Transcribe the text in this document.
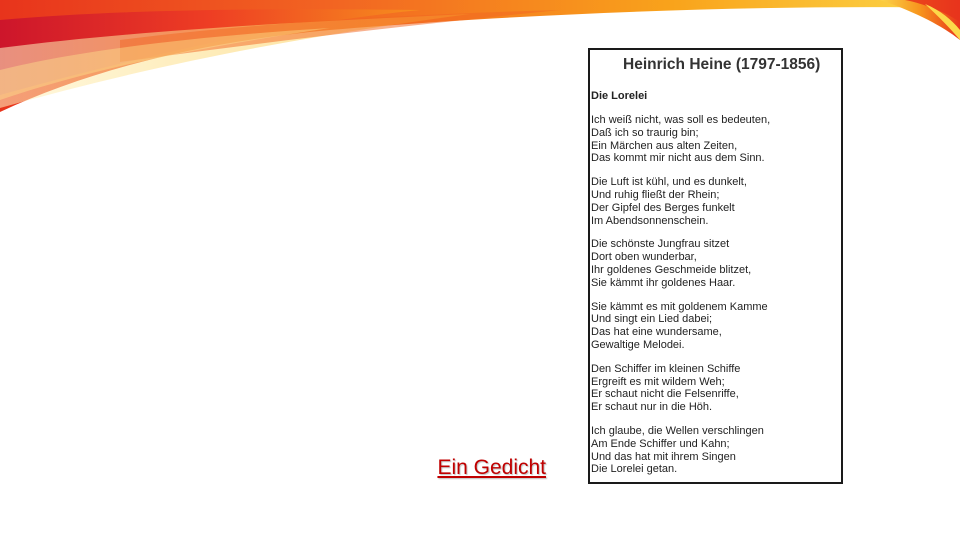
Ein Gedicht
Heinrich Heine (1797-1856)
Die Lorelei
Ich weiß nicht, was soll es bedeuten,
Daß ich so traurig bin;
Ein Märchen aus alten Zeiten,
Das kommt mir nicht aus dem Sinn.
Die Luft ist kühl, und es dunkelt,
Und ruhig fließt der Rhein;
Der Gipfel des Berges funkelt
Im Abendsonnenschein.
Die schönste Jungfrau sitzet
Dort oben wunderbar,
Ihr goldenes Geschmeide blitzet,
Sie kämmt ihr goldenes Haar.
Sie kämmt es mit goldenem Kamme
Und singt ein Lied dabei;
Das hat eine wundersame,
Gewaltige Melodei.
Den Schiffer im kleinen Schiffe
Ergreift es mit wildem Weh;
Er schaut nicht die Felsenriffe,
Er schaut nur in die Höh.
Ich glaube, die Wellen verschlingen
Am Ende Schiffer und Kahn;
Und das hat mit ihrem Singen
Die Lorelei getan.
